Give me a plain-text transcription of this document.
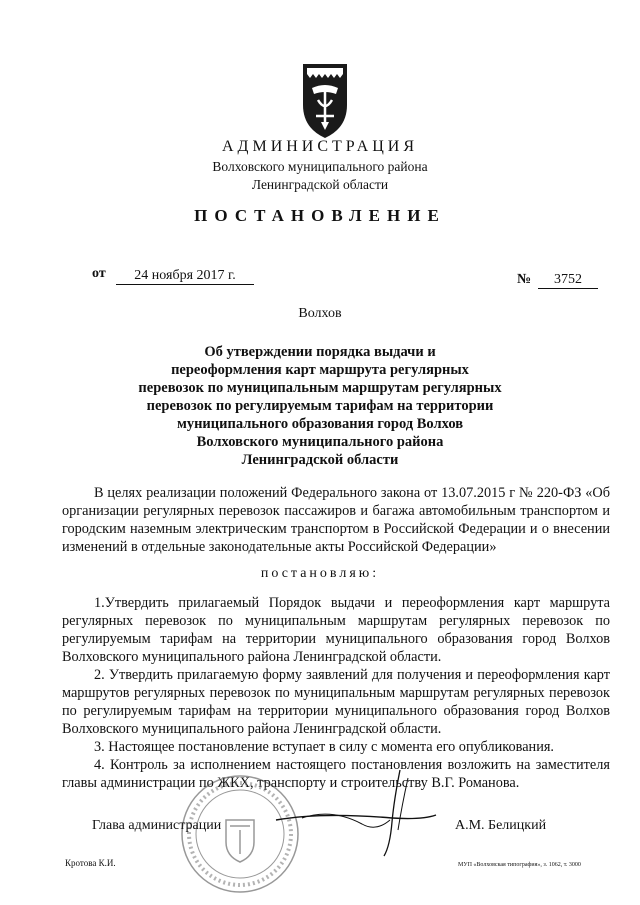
АДМИНИСТРАЦИЯ
Волховского муниципального района
Ленинградской области
ПОСТАНОВЛЕНИЕ
от	24 ноября 2017 г.	№	3752
Волхов
Об утверждении порядка выдачи и
переоформления карт маршрута регулярных
перевозок по муниципальным маршрутам регулярных
перевозок по регулируемым тарифам на территории
муниципального образования город Волхов
Волховского муниципального района
Ленинградской области
В целях реализации положений Федерального закона от 13.07.2015 г № 220-ФЗ «Об организации регулярных перевозок пассажиров и багажа автомобильным транспортом и городским наземным электрическим транспортом в Российской Федерации и о внесении изменений в отдельные законодательные акты Российской Федерации»
постановляю:
1.Утвердить прилагаемый Порядок выдачи и переоформления карт маршрута регулярных перевозок по муниципальным маршрутам регулярных перевозок по регулируемым тарифам на территории муниципального образования город Волхов Волховского муниципального района Ленинградской области.
2. Утвердить прилагаемую форму заявлений для получения и переоформления карт маршрутов регулярных перевозок по муниципальным маршрутам регулярных перевозок по регулируемым тарифам на территории муниципального образования город Волхов Волховского муниципального района Ленинградской области.
3. Настоящее постановление вступает в силу с момента его опубликования.
4. Контроль за исполнением настоящего постановления возложить на заместителя главы администрации по ЖКХ, транспорту и строительству В.Г. Романова.
Глава администрации	А.М. Белицкий
Кротова К.И.	МУП «Волховская типография», з. 1062, т. 3000
